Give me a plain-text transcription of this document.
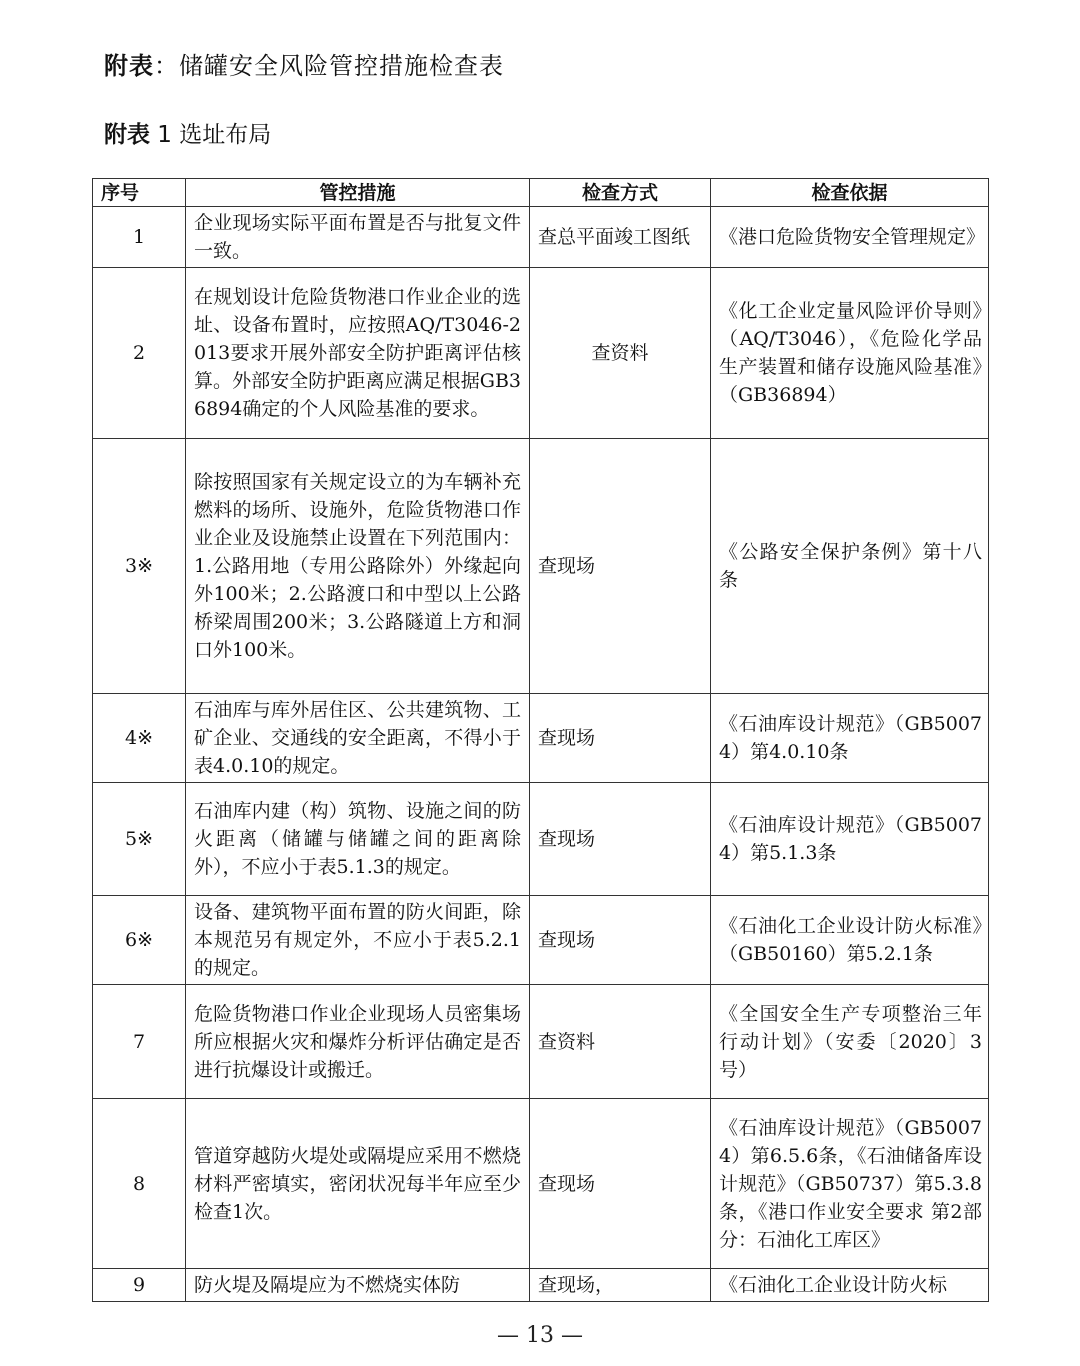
附表：储罐安全风险管控措施检查表
附表 1 选址布局
序号	管控措施	检查方式	检查依据
1	企业现场实际平面布置是否与批复文件一致。	查总平面竣工图纸	《港口危险货物安全管理规定》
2	在规划设计危险货物港口作业企业的选址、设备布置时，应按照AQ/T3046-2013要求开展外部安全防护距离评估核算。外部安全防护距离应满足根据GB36894确定的个人风险基准的要求。	查资料	《化工企业定量风险评价导则》（AQ/T3046），《危险化学品生产装置和储存设施风险基准》（GB36894）
3※	除按照国家有关规定设立的为车辆补充燃料的场所、设施外，危险货物港口作业企业及设施禁止设置在下列范围内：1.公路用地（专用公路除外）外缘起向外100米；2.公路渡口和中型以上公路桥梁周围200米；3.公路隧道上方和洞口外100米。	查现场	《公路安全保护条例》第十八条
4※	石油库与库外居住区、公共建筑物、工矿企业、交通线的安全距离，不得小于表4.0.10的规定。	查现场	《石油库设计规范》（GB50074）第4.0.10条
5※	石油库内建（构）筑物、设施之间的防火距离（储罐与储罐之间的距离除外），不应小于表5.1.3的规定。	查现场	《石油库设计规范》（GB50074）第5.1.3条
6※	设备、建筑物平面布置的防火间距，除本规范另有规定外，不应小于表5.2.1的规定。	查现场	《石油化工企业设计防火标准》（GB50160）第5.2.1条
7	危险货物港口作业企业现场人员密集场所应根据火灾和爆炸分析评估确定是否进行抗爆设计或搬迁。	查资料	《全国安全生产专项整治三年行动计划》（安委〔2020〕3号）
8	管道穿越防火堤处或隔堤应采用不燃烧材料严密填实，密闭状况每半年应至少检查1次。	查现场	《石油库设计规范》（GB50074）第6.5.6条，《石油储备库设计规范》（GB50737）第5.3.8条，《港口作业安全要求 第2部分：石油化工库区》
9	防火堤及隔堤应为不燃烧实体防	查现场，	《石油化工企业设计防火标
— 13 —
